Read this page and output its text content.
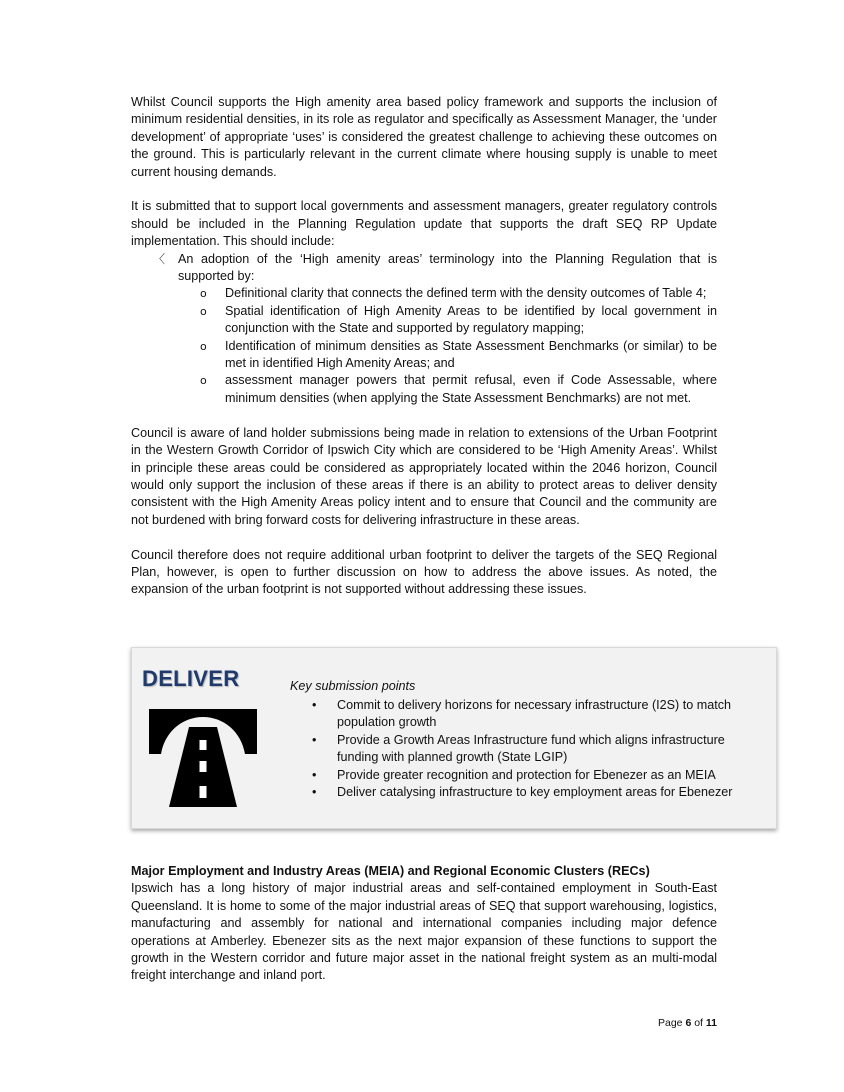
Whilst Council supports the High amenity area based policy framework and supports the inclusion of minimum residential densities, in its role as regulator and specifically as Assessment Manager, the ‘under development’ of appropriate ‘uses’ is considered the greatest challenge to achieving these outcomes on the ground. This is particularly relevant in the current climate where housing supply is unable to meet current housing demands.

It is submitted that to support local governments and assessment managers, greater regulatory controls should be included in the Planning Regulation update that supports the draft SEQ RP Update implementation. This should include:

〈 An adoption of the ‘High amenity areas’ terminology into the Planning Regulation that is supported by:
o Definitional clarity that connects the defined term with the density outcomes of Table 4;
o Spatial identification of High Amenity Areas to be identified by local government in conjunction with the State and supported by regulatory mapping;
o Identification of minimum densities as State Assessment Benchmarks (or similar) to be met in identified High Amenity Areas; and
o assessment manager powers that permit refusal, even if Code Assessable, where minimum densities (when applying the State Assessment Benchmarks) are not met.

Council is aware of land holder submissions being made in relation to extensions of the Urban Footprint in the Western Growth Corridor of Ipswich City which are considered to be ‘High Amenity Areas’. Whilst in principle these areas could be considered as appropriately located within the 2046 horizon, Council would only support the inclusion of these areas if there is an ability to protect areas to deliver density consistent with the High Amenity Areas policy intent and to ensure that Council and the community are not burdened with bring forward costs for delivering infrastructure in these areas.

Council therefore does not require additional urban footprint to deliver the targets of the SEQ Regional Plan, however, is open to further discussion on how to address the above issues. As noted, the expansion of the urban footprint is not supported without addressing these issues.

DELIVER	Key submission points
• Commit to delivery horizons for necessary infrastructure (I2S) to match population growth
• Provide a Growth Areas Infrastructure fund which aligns infrastructure funding with planned growth (State LGIP)
• Provide greater recognition and protection for Ebenezer as an MEIA
• Deliver catalysing infrastructure to key employment areas for Ebenezer

Major Employment and Industry Areas (MEIA) and Regional Economic Clusters (RECs)

Ipswich has a long history of major industrial areas and self-contained employment in South-East Queensland. It is home to some of the major industrial areas of SEQ that support warehousing, logistics, manufacturing and assembly for national and international companies including major defence operations at Amberley. Ebenezer sits as the next major expansion of these functions to support the growth in the Western corridor and future major asset in the national freight system as an multi-modal freight interchange and inland port.

Page 6 of 11
